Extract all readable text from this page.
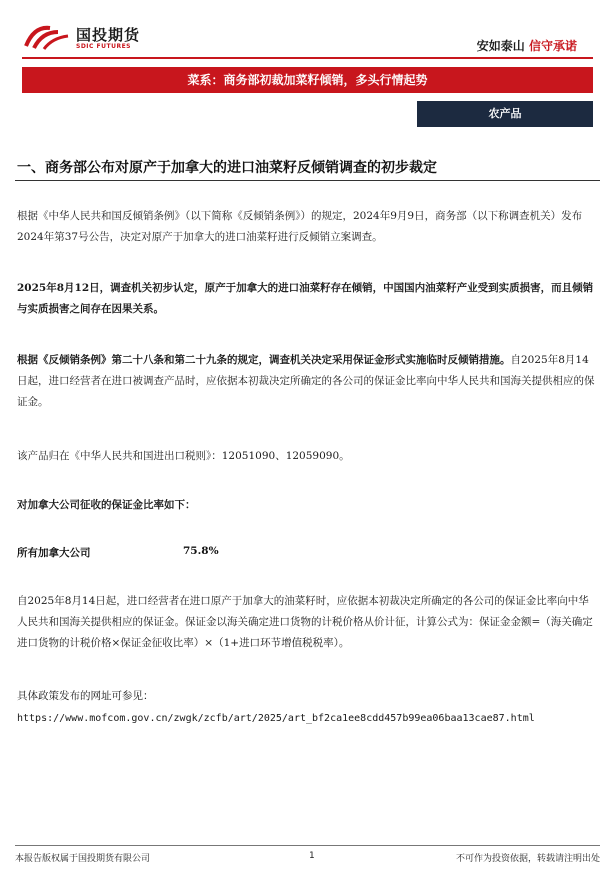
国投期货
SDIC FUTURES	安如泰山 信守承诺
菜系：商务部初裁加菜籽倾销，多头行情起势
农产品
一、商务部公布对原产于加拿大的进口油菜籽反倾销调查的初步裁定
根据《中华人民共和国反倾销条例》（以下简称《反倾销条例》）的规定，2024年9月9日，商务部（以下称调查机关）发布2024年第37号公告，决定对原产于加拿大的进口油菜籽进行反倾销立案调查。
2025年8月12日，调查机关初步认定，原产于加拿大的进口油菜籽存在倾销，中国国内油菜籽产业受到实质损害，而且倾销与实质损害之间存在因果关系。
根据《反倾销条例》第二十八条和第二十九条的规定，调查机关决定采用保证金形式实施临时反倾销措施。自2025年8月14日起，进口经营者在进口被调查产品时，应依据本初裁决定所确定的各公司的保证金比率向中华人民共和国海关提供相应的保证金。
该产品归在《中华人民共和国进出口税则》：12051090、12059090。
对加拿大公司征收的保证金比率如下：
所有加拿大公司	75.8%
自2025年8月14日起，进口经营者在进口原产于加拿大的油菜籽时，应依据本初裁决定所确定的各公司的保证金比率向中华人民共和国海关提供相应的保证金。保证金以海关确定进口货物的计税价格从价计征，计算公式为：保证金金额=（海关确定进口货物的计税价格×保证金征收比率）×（1+进口环节增值税税率）。
具体政策发布的网址可参见：
https://www.mofcom.gov.cn/zwgk/zcfb/art/2025/art_bf2ca1ee8cdd457b99ea06baa13cae87.html
本报告版权属于国投期货有限公司	1	不可作为投资依据，转载请注明出处
